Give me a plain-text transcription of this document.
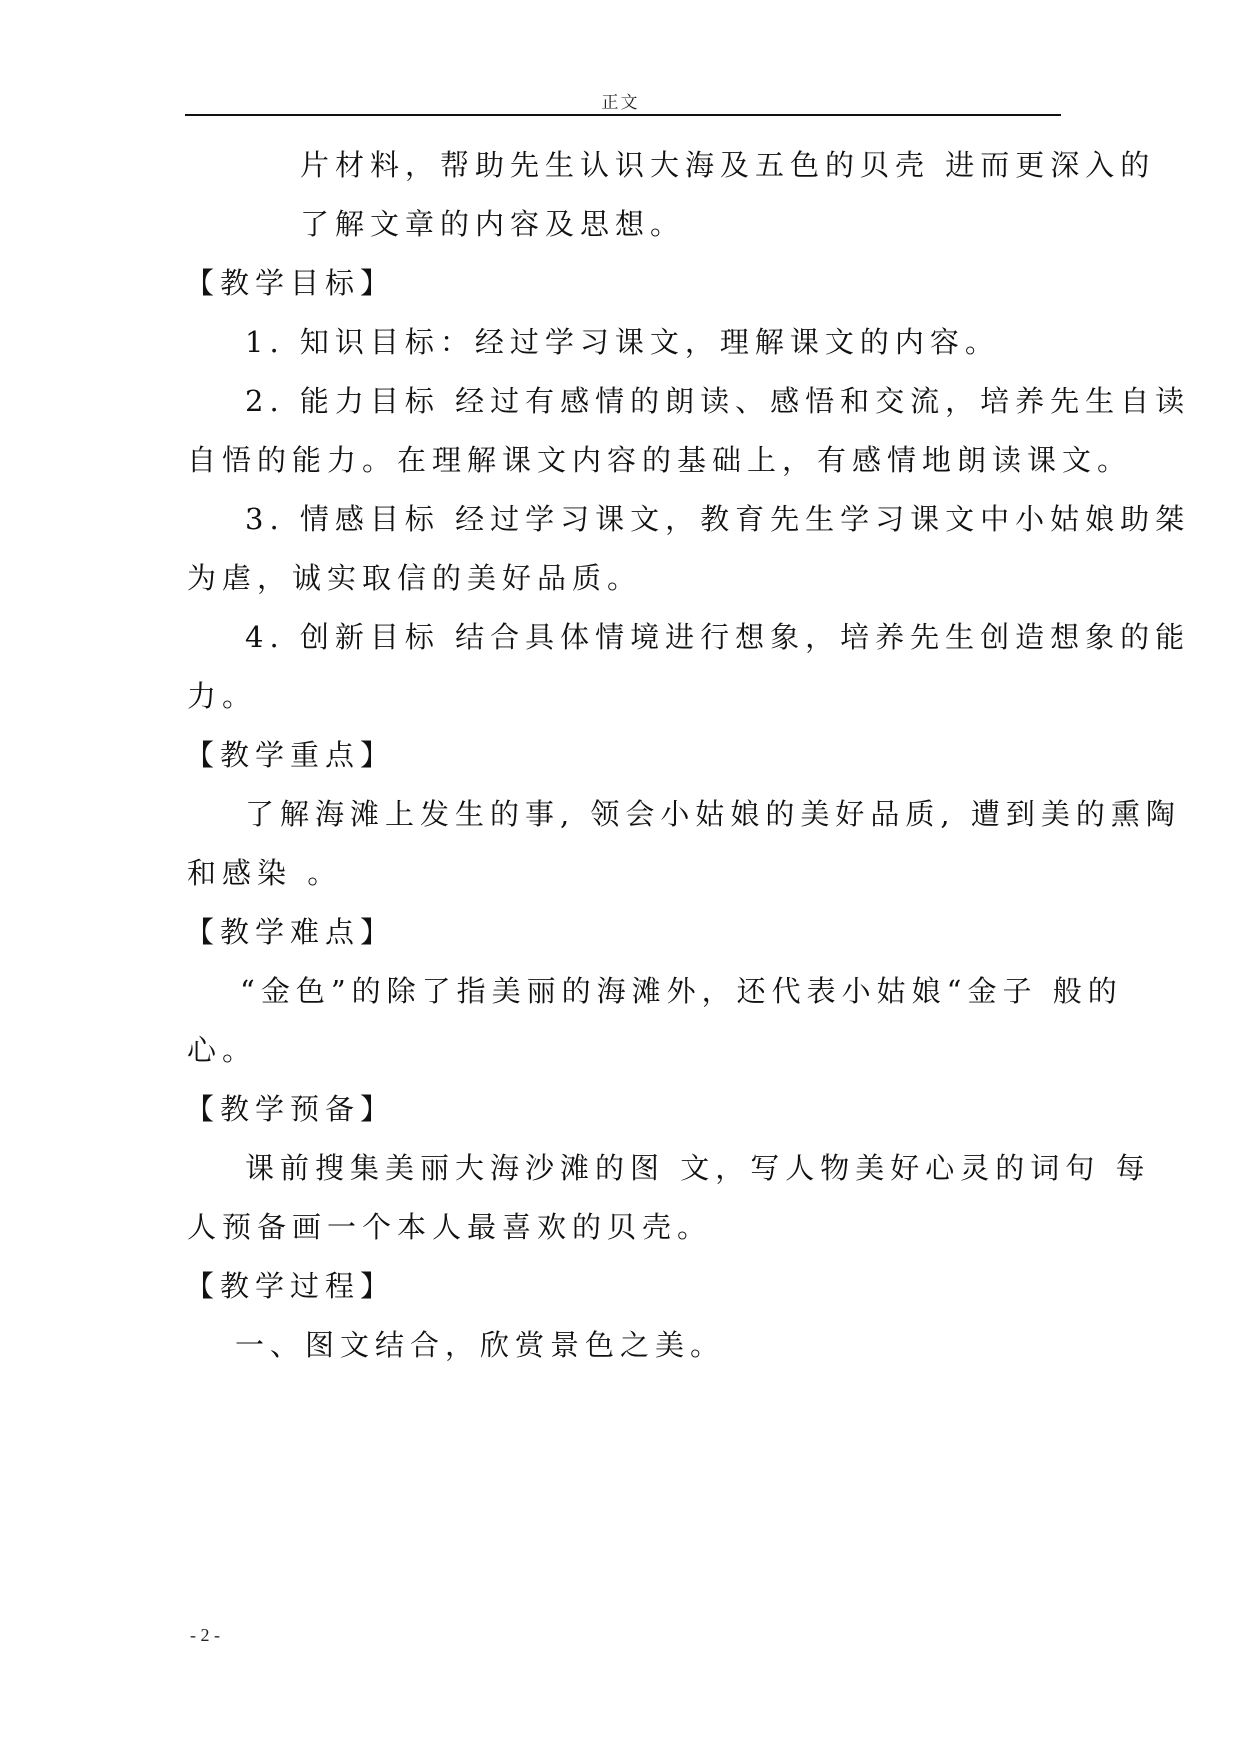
正文
片材料，帮助先生认识大海及五色的贝壳 进而更深入的
了解文章的内容及思想。
【教学目标】
1. 知识目标：经过学习课文，理解课文的内容。
2. 能力目标 经过有感情的朗读、感悟和交流，培养先生自读
自悟的能力。在理解课文内容的基础上，有感情地朗读课文。
3. 情感目标 经过学习课文，教育先生学习课文中小姑娘助桀
为虐，诚实取信的美好品质。
4. 创新目标 结合具体情境进行想象，培养先生创造想象的能
力。
【教学重点】
了解海滩上发生的事, 领会小姑娘的美好品质, 遭到美的熏陶
和感染 。
【教学难点】
“金色”的除了指美丽的海滩外，还代表小姑娘“金子 般的
心。
【教学预备】
课前搜集美丽大海沙滩的图 文，写人物美好心灵的词句 每
人预备画一个本人最喜欢的贝壳。
【教学过程】
一、图文结合，欣赏景色之美。
- 2 -
